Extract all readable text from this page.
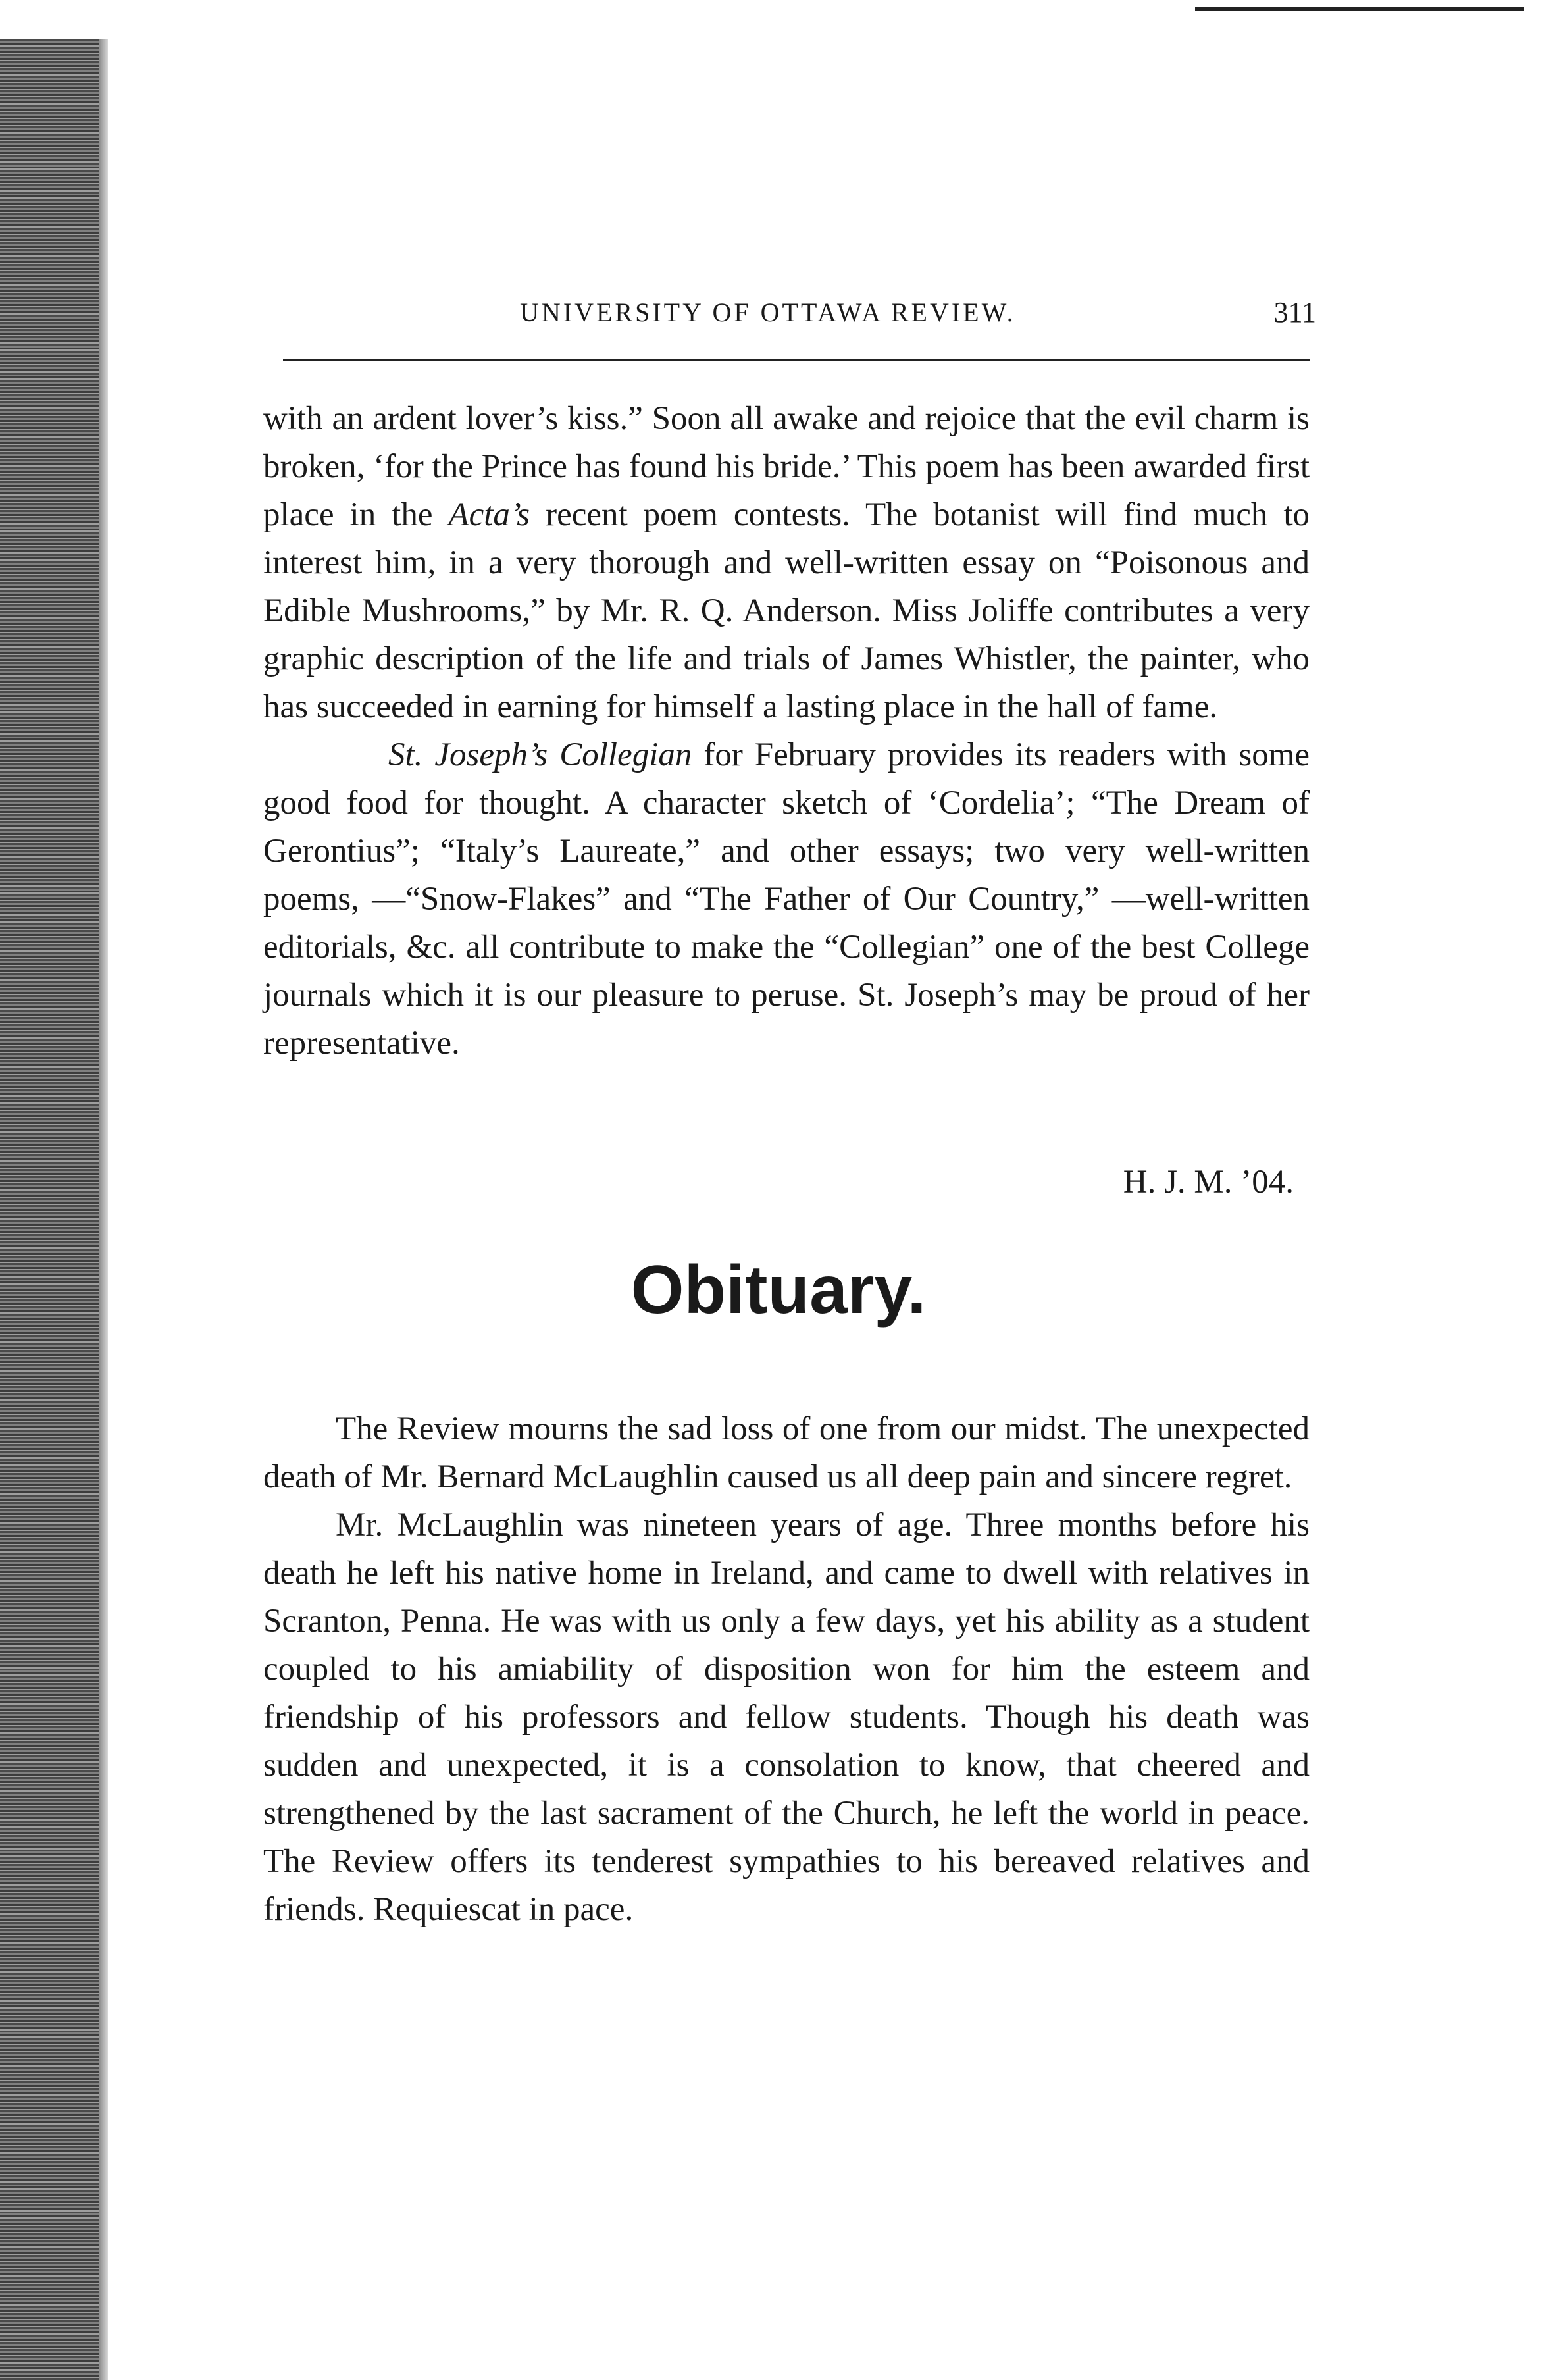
UNIVERSITY OF OTTAWA REVIEW.	311

with an ardent lover’s kiss.” Soon all awake and rejoice that the evil charm is broken, ‘for the Prince has found his bride.’ This poem has been awarded first place in the Acta’s recent poem contests. The botanist will find much to interest him, in a very thorough and well-written essay on “Poisonous and Edible Mushrooms,” by Mr. R. Q. Anderson. Miss Joliffe contributes a very graphic description of the life and trials of James Whistler, the painter, who has succeeded in earning for himself a lasting place in the hall of fame.

St. Joseph’s Collegian for February provides its readers with some good food for thought. A character sketch of ‘Cordelia’; “The Dream of Gerontius”; “Italy’s Laureate,” and other essays; two very well-written poems, —“Snow-Flakes” and “The Father of Our Country,” —well-written editorials, &c. all contribute to make the “Collegian” one of the best College journals which it is our pleasure to peruse. St. Joseph’s may be proud of her representative.

H. J. M. ’04.
Obituary.

The Review mourns the sad loss of one from our midst. The unexpected death of Mr. Bernard McLaughlin caused us all deep pain and sincere regret.

Mr. McLaughlin was nineteen years of age. Three months before his death he left his native home in Ireland, and came to dwell with relatives in Scranton, Penna. He was with us only a few days, yet his ability as a student coupled to his amiability of disposition won for him the esteem and friendship of his professors and fellow students. Though his death was sudden and unexpected, it is a consolation to know, that cheered and strengthened by the last sacrament of the Church, he left the world in peace. The Review offers its tenderest sympathies to his bereaved relatives and friends. Requiescat in pace.
